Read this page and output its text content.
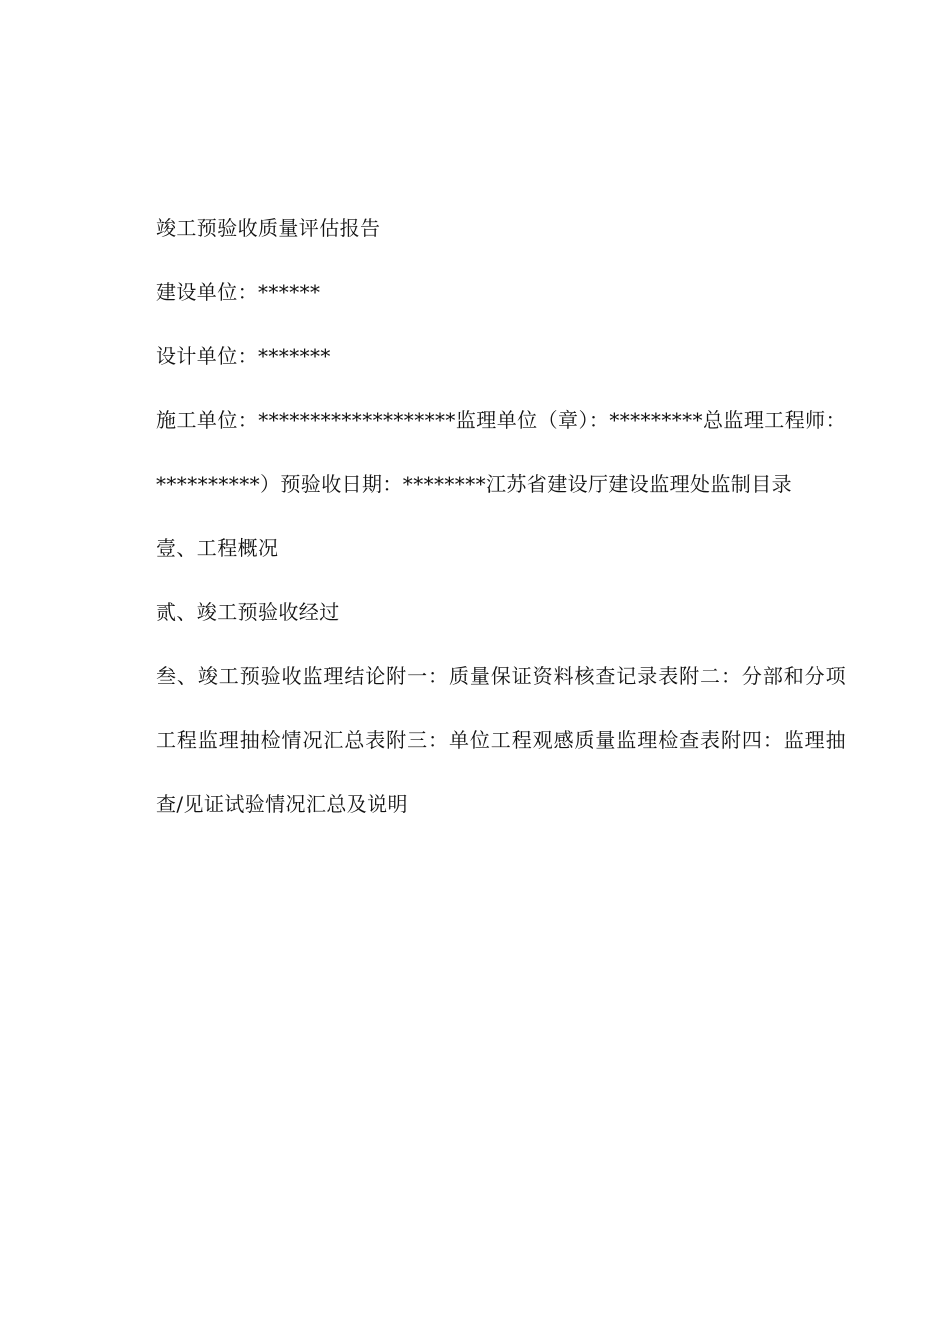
竣工预验收质量评估报告
建设单位：******
设计单位：*******
施工单位：*******************监理单位（章）：*********总监理工程师：
**********）预验收日期：********江苏省建设厅建设监理处监制目录
壹、工程概况
贰、竣工预验收经过
叁、竣工预验收监理结论附一：质量保证资料核查记录表附二：分部和分项
工程监理抽检情况汇总表附三：单位工程观感质量监理检查表附四：监理抽
查/见证试验情况汇总及说明
